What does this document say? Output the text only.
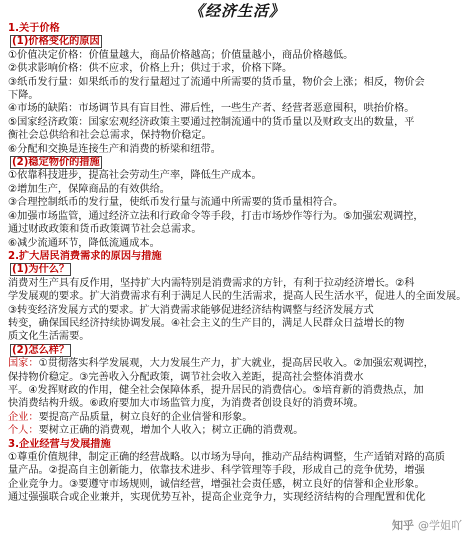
《经济生活》
1.关于价格
(1)价格变化的原因
①价值决定价格：价值量越大，商品价格越高；价值量越小，商品价格越低。
②供求影响价格：供不应求，价格上升；供过于求，价格下降。
③纸币发行量：如果纸币的发行量超过了流通中所需要的货币量，物价会上涨；相反，物价会
下降。
④市场的缺陷：市场调节具有盲目性、滞后性，一些生产者、经营者恶意囤积，哄抬价格。
⑤国家经济政策：国家宏观经济政策主要通过控制流通中的货币量以及财政支出的数量，平
衡社会总供给和社会总需求，保持物价稳定。
⑥分配和交换是连接生产和消费的桥梁和纽带。
(2)稳定物价的措施
①依靠科技进步，提高社会劳动生产率，降低生产成本。
②增加生产，保障商品的有效供给。
③合理控制纸币的发行量，使纸币发行量与流通中所需要的货币量相符合。
④加强市场监管，通过经济立法和行政命令等手段，打击市场炒作等行为。⑤加强宏观调控，
通过财政政策和货币政策调节社会总需求。
⑥减少流通环节，降低流通成本。
2.扩大居民消费需求的原因与措施
(1)为什么？
消费对生产具有反作用，坚持扩大内需特别是消费需求的方针，有利于拉动经济增长。②科
学发展观的要求。扩大消费需求有利于满足人民的生活需求，提高人民生活水平，促进人的全面发展。
③转变经济发展方式的要求。扩大消费需求能够促进经济结构调整与经济发展方式
转变，确保国民经济持续协调发展。④社会主义的生产目的，满足人民群众日益增长的物
质文化生活需要。
(2)怎么样？
国家：①贯彻落实科学发展观，大力发展生产力，扩大就业，提高居民收入。②加强宏观调控，
保持物价稳定。③完善收入分配政策，调节社会收入差距，提高社会整体消费水
平。④发挥财政的作用，健全社会保障体系，提升居民的消费信心。⑤培育新的消费热点，加
快消费结构升级。⑥政府要加大市场监管力度，为消费者创设良好的消费环境。
企业：要提高产品质量，树立良好的企业信誉和形象。
个人：要树立正确的消费观，增加个人收入；树立正确的消费观。
3.企业经营与发展措施
①尊重价值规律，制定正确的经营战略。以市场为导向，推动产品结构调整，生产适销对路的高质
量产品。②提高自主创新能力，依靠技术进步、科学管理等手段，形成自己的竞争优势，增强
企业竞争力。③要遵守市场规则，诚信经营，增强社会责任感，树立良好的信誉和企业形象。
通过强强联合或企业兼并，实现优势互补，提高企业竞争力，实现经济结构的合理配置和优化
知乎 @学姐吖
